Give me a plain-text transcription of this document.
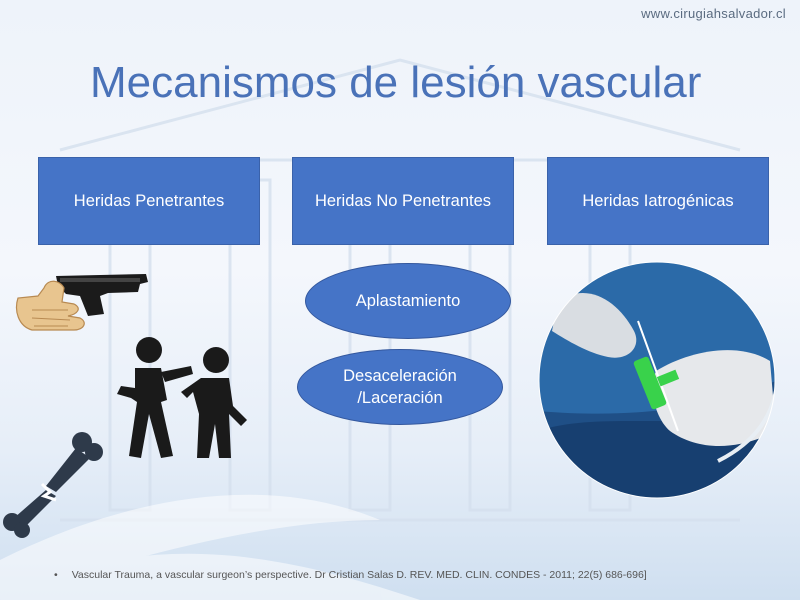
www.cirugiahsalvador.cl
Mecanismos de lesión vascular
Heridas Penetrantes	Heridas No Penetrantes	Heridas Iatrogénicas
Aplastamiento
Desaceleración
/Laceración
• Vascular Trauma, a vascular surgeon’s perspective. Dr Cristian Salas D. REV. MED. CLIN. CONDES - 2011; 22(5) 686-696]
